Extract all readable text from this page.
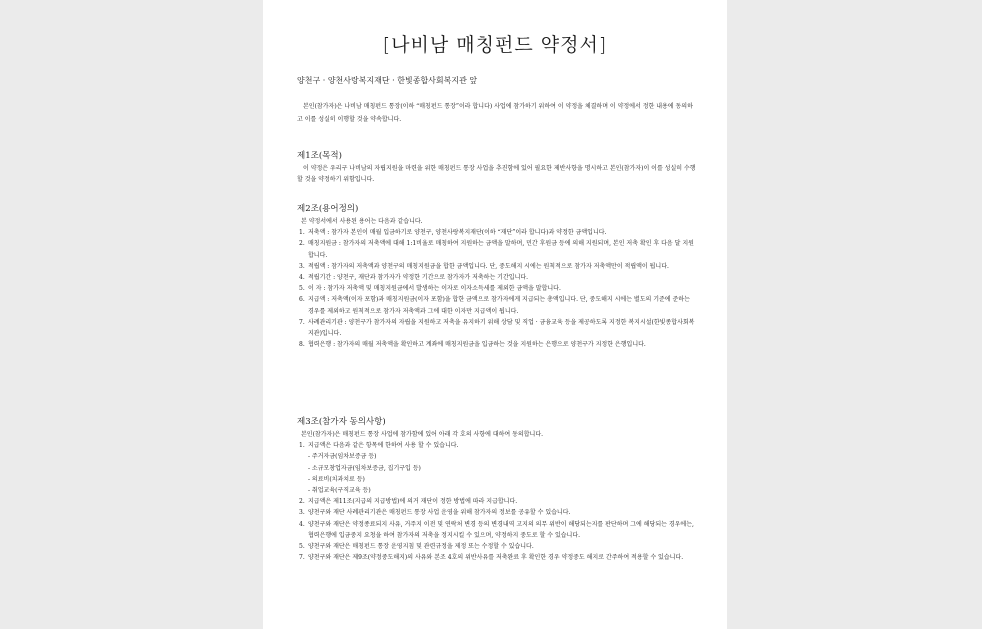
[나비남 매칭펀드 약정서]
양천구 · 양천사랑복지재단 · 한빛종합사회복지관 앞
본인(참가자)은 나비남 매칭펀드 통장(이하 “매칭펀드 통장”이라 합니다) 사업에 참가하기 위하여 이 약정을 체결하며 이 약정에서 정한 내용에 동의하고 이를 성실히 이행할 것을 약속합니다.
제1조(목적)
이 약정은 우리구 나비남의 자립지원을 마련을 위한 매칭펀드 통장 사업을 추진함에 있어 필요한 제반사항을 명시하고 본인(참가자)이 이를 성실히 수행할 것을 약정하기 위함입니다.
제2조(용어정의)
본 약정서에서 사용된 용어는 다음과 같습니다.
1. 저축액 : 참가자 본인이 매월 입금하기로 양천구, 양천사랑복지재단(이하 “재단”이라 합니다)과 약정한 금액입니다.
2. 매칭지원금 : 참가자의 저축액에 대해 1:1비율로 매칭하여 지원하는 금액을 말하며, 민간 후원금 등에 의해 지원되며, 본인 저축 확인 후 다음 달 지원합니다.
3. 적립액 : 참가자의 저축액과 양천구의 매칭지원금을 합한 금액입니다. 단, 중도해지 시에는 원칙적으로 참가자 저축액만이 적립액이 됩니다.
4. 적립기간 : 양천구, 재단과 참가자가 약정한 기간으로 참가자가 저축하는 기간입니다.
5. 이 자 : 참가자 저축액 및 매칭지원금에서 발생하는 이자로 이자소득세를 제외한 금액을 말합니다.
6. 지급액 : 저축액(이자 포함)과 매칭지원금(이자 포함)을 합한 금액으로 참가자에게 지급되는 총액입니다. 단, 중도해지 시에는 별도의 기준에 준하는 경우를 제외하고 원칙적으로 참가자 저축액과 그에 대한 이자만 지급액이 됩니다.
7. 사례관리기관 : 양천구가 참가자의 자립을 지원하고 저축을 유지하기 위해 상담 및 직업 · 금융교육 등을 제공하도록 지정한 복지시설(한빛종합사회복지관)입니다.
8. 협력은행 : 참가자의 매월 저축액을 확인하고 계좌에 매칭지원금을 입금하는 것을 지원하는 은행으로 양천구가 지정한 은행입니다.
제3조(참가자 동의사항)
본인(참가자)은 매칭펀드 통장 사업에 참가함에 있어 아래 각 호의 사항에 대하여 동의합니다.
1. 지급액은 다음과 같은 항목에 한하여 사용 할 수 있습니다.
- 주거자금(임차보증금 등)
- 소규모창업자금(임차보증금, 집기구입 등)
- 의료비(치과치료 등)
- 취업교육(구직교육 등)
2. 지급액은 제11조(지급의 지급방법)에 의거 재단이 정한 방법에 따라 지급합니다.
3. 양천구와 재단 사례관리기관은 매칭펀드 통장 사업 운영을 위해 참가자의 정보를 공유할 수 있습니다.
4. 양천구와 재단은 약정종료되지 사유, 거주지 이전 및 연락처 변경 등의 변경내역 고지의 의무 위반이 해당되는지를 판단하며 그에 해당되는 경우에는, 협력은행에 입금중지 요청을 하여 참가자의 저축을 정지시킬 수 있으며, 약정하지 중도로 할 수 있습니다.
5. 양천구와 재단은 매칭펀드 통장 운영지침 및 관련규정을 제정 또는 수정할 수 있습니다.
7. 양천구와 재단은 제9조(약정중도해지)의 사유와 본조 4호의 위반사유를 저축완료 후 확인한 경우 약정중도 해지로 간주하여 적용할 수 있습니다.
